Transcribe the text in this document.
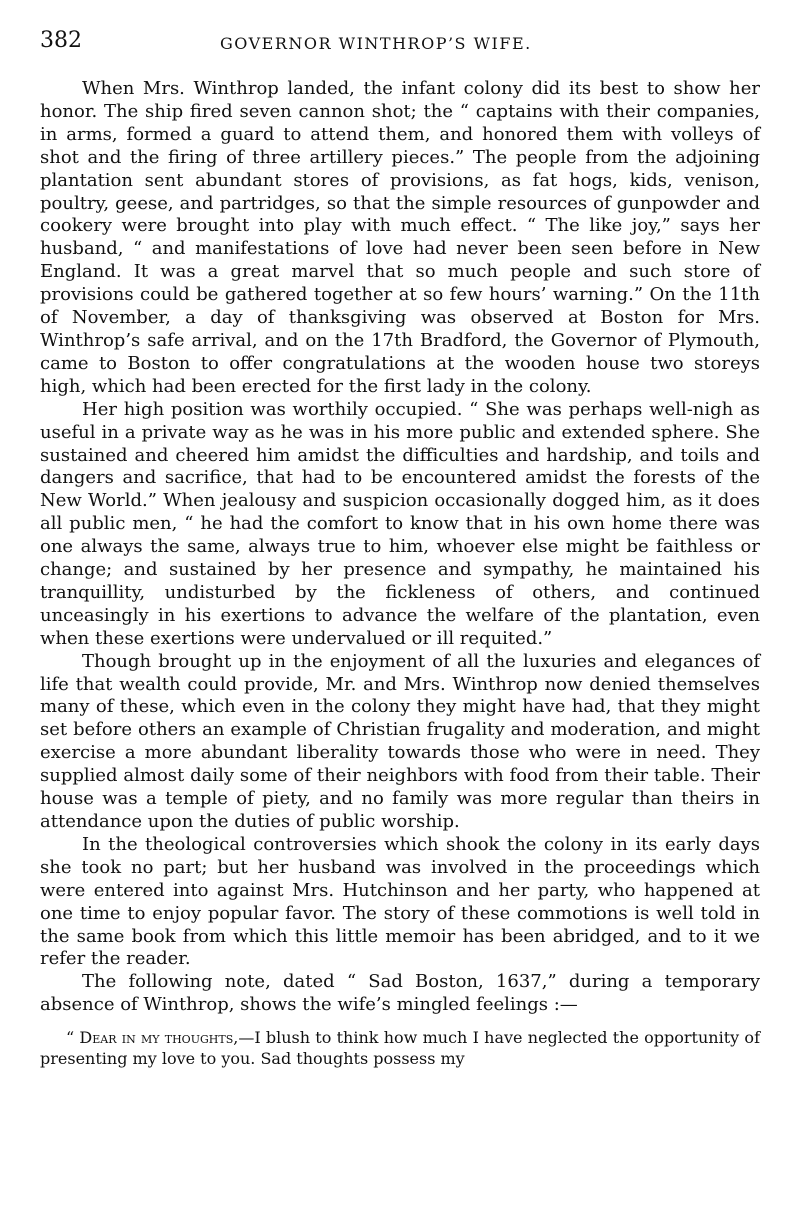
382	GOVERNOR WINTHROP’S WIFE.

When Mrs. Winthrop landed, the infant colony did its best to show her honor. The ship fired seven cannon shot; the “ captains with their companies, in arms, formed a guard to attend them, and honored them with volleys of shot and the firing of three artillery pieces.” The people from the adjoining plantation sent abundant stores of provisions, as fat hogs, kids, venison, poultry, geese, and partridges, so that the simple resources of gunpowder and cookery were brought into play with much effect. “ The like joy,” says her husband, “ and manifestations of love had never been seen before in New England. It was a great marvel that so much people and such store of provisions could be gathered together at so few hours’ warning.” On the 11th of November, a day of thanksgiving was observed at Boston for Mrs. Winthrop’s safe arrival, and on the 17th Bradford, the Governor of Plymouth, came to Boston to offer congratulations at the wooden house two storeys high, which had been erected for the first lady in the colony.

Her high position was worthily occupied. “ She was perhaps well-nigh as useful in a private way as he was in his more public and extended sphere. She sustained and cheered him amidst the difficulties and hardship, and toils and dangers and sacrifice, that had to be encountered amidst the forests of the New World.” When jealousy and suspicion occasionally dogged him, as it does all public men, “ he had the comfort to know that in his own home there was one always the same, always true to him, whoever else might be faithless or change; and sustained by her presence and sympathy, he maintained his tranquillity, undisturbed by the fickleness of others, and continued unceasingly in his exertions to advance the welfare of the plantation, even when these exertions were undervalued or ill requited.”

Though brought up in the enjoyment of all the luxuries and elegances of life that wealth could provide, Mr. and Mrs. Winthrop now denied themselves many of these, which even in the colony they might have had, that they might set before others an example of Christian frugality and moderation, and might exercise a more abundant liberality towards those who were in need. They supplied almost daily some of their neighbors with food from their table. Their house was a temple of piety, and no family was more regular than theirs in attendance upon the duties of public worship.

In the theological controversies which shook the colony in its early days she took no part; but her husband was involved in the proceedings which were entered into against Mrs. Hutchinson and her party, who happened at one time to enjoy popular favor. The story of these commotions is well told in the same book from which this little memoir has been abridged, and to it we refer the reader.

The following note, dated “ Sad Boston, 1637,” during a temporary absence of Winthrop, shows the wife’s mingled feelings :—

“ Dear in my thoughts,—I blush to think how much I have neglected the opportunity of presenting my love to you. Sad thoughts possess my
